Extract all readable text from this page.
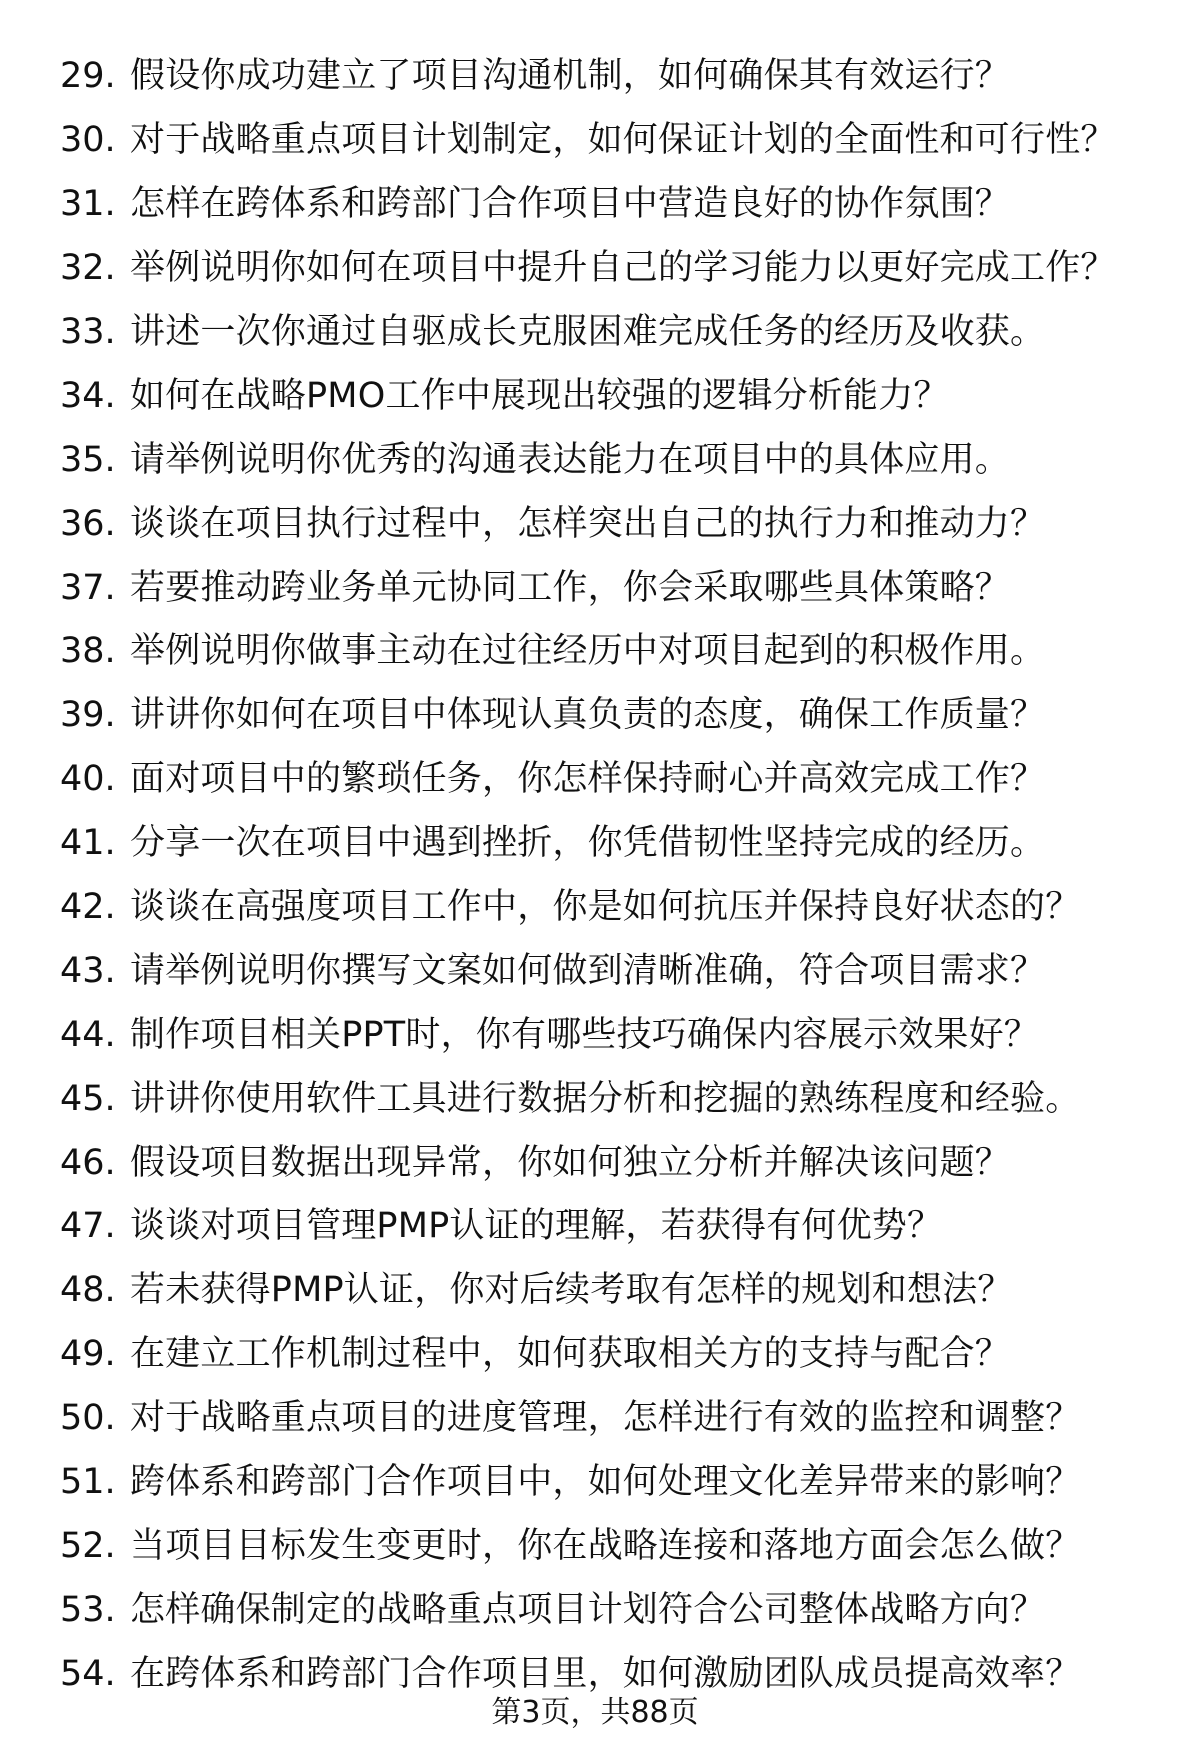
29. 假设你成功建立了项目沟通机制，如何确保其有效运行？
30. 对于战略重点项目计划制定，如何保证计划的全面性和可行性？
31. 怎样在跨体系和跨部门合作项目中营造良好的协作氛围？
32. 举例说明你如何在项目中提升自己的学习能力以更好完成工作？
33. 讲述一次你通过自驱成长克服困难完成任务的经历及收获。
34. 如何在战略PMO工作中展现出较强的逻辑分析能力？
35. 请举例说明你优秀的沟通表达能力在项目中的具体应用。
36. 谈谈在项目执行过程中，怎样突出自己的执行力和推动力？
37. 若要推动跨业务单元协同工作，你会采取哪些具体策略？
38. 举例说明你做事主动在过往经历中对项目起到的积极作用。
39. 讲讲你如何在项目中体现认真负责的态度，确保工作质量？
40. 面对项目中的繁琐任务，你怎样保持耐心并高效完成工作？
41. 分享一次在项目中遇到挫折，你凭借韧性坚持完成的经历。
42. 谈谈在高强度项目工作中，你是如何抗压并保持良好状态的？
43. 请举例说明你撰写文案如何做到清晰准确，符合项目需求？
44. 制作项目相关PPT时，你有哪些技巧确保内容展示效果好？
45. 讲讲你使用软件工具进行数据分析和挖掘的熟练程度和经验。
46. 假设项目数据出现异常，你如何独立分析并解决该问题？
47. 谈谈对项目管理PMP认证的理解，若获得有何优势？
48. 若未获得PMP认证，你对后续考取有怎样的规划和想法？
49. 在建立工作机制过程中，如何获取相关方的支持与配合？
50. 对于战略重点项目的进度管理，怎样进行有效的监控和调整？
51. 跨体系和跨部门合作项目中，如何处理文化差异带来的影响？
52. 当项目目标发生变更时，你在战略连接和落地方面会怎么做？
53. 怎样确保制定的战略重点项目计划符合公司整体战略方向？
54. 在跨体系和跨部门合作项目里，如何激励团队成员提高效率？
第3页，共88页
